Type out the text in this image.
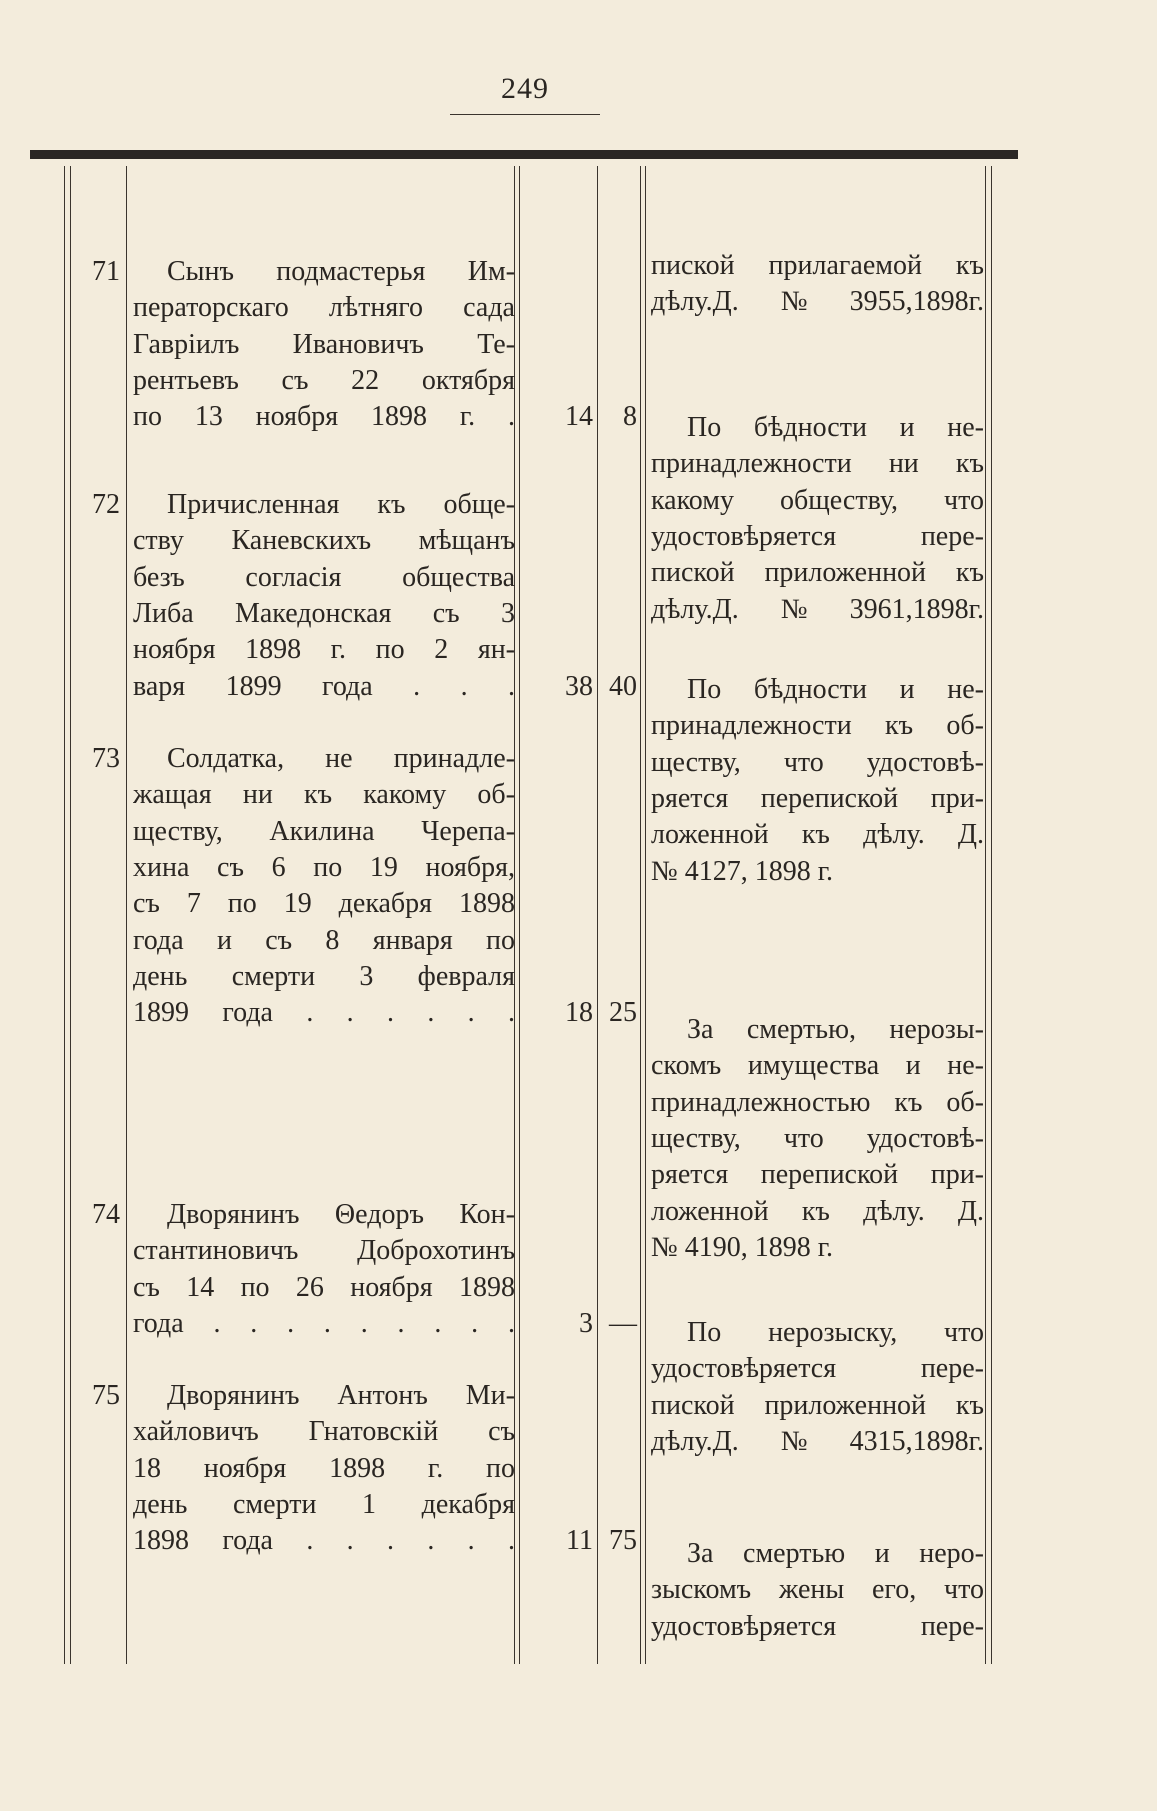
249
пиской прилагаемой къ
дѣлу.Д.№3955,1898г.
71 Сынъ подмастерья Им-
ператорскаго лѣтняго сада
Гавріилъ Ивановичъ Те-
рентьевъ съ 22 октября
по 13 ноября 1898 г. .	14	8 По бѣдности и не-
принадлежности ни къ
какому обществу, что
удостовѣряется пере-
пиской приложенной къ
дѣлу.Д.№3961,1898г.
72 Причисленная къ обще-
ству Каневскихъ мѣщанъ
безъ согласія общества
Либа Македонская съ 3
ноября 1898 г. по 2 ян-
варя 1899 года . . .	38 40 По бѣдности и не-
принадлежности къ об-
ществу, что удостовѣ-
ряется перепиской при-
ложенной къ дѣлу. Д.
№ 4127, 1898 г.
73 Солдатка, не принадле-
жащая ни къ какому об-
ществу, Акилина Черепа-
хина съ 6 по 19 ноября,
съ 7 по 19 декабря 1898
года и съ 8 января по
день смерти 3 февраля
1899 года . . . . . .	18 25
За смертью, нерозы-
скомъ имущества и не-
принадлежностью къ об-
ществу, что удостовѣ-
ряется перепиской при-
ложенной къ дѣлу. Д.
№ 4190, 1898 г.
74 Дворянинъ Θедоръ Кон-
стантиновичъ Доброхотинъ
съ 14 по 26 ноября 1898
года . . . . . . . . .	3 — По нерозыску, что
удостовѣряется пере-
пиской приложенной къ
дѣлу.Д.№4315,1898г.
75 Дворянинъ Антонъ Ми-
хайловичъ Гнатовскій съ
18 ноября 1898 г. по
день смерти 1 декабря
1898 года . . . . . .	11 75 За смертью и неро-
зыскомъ жены его, что
удостовѣряется пере-
